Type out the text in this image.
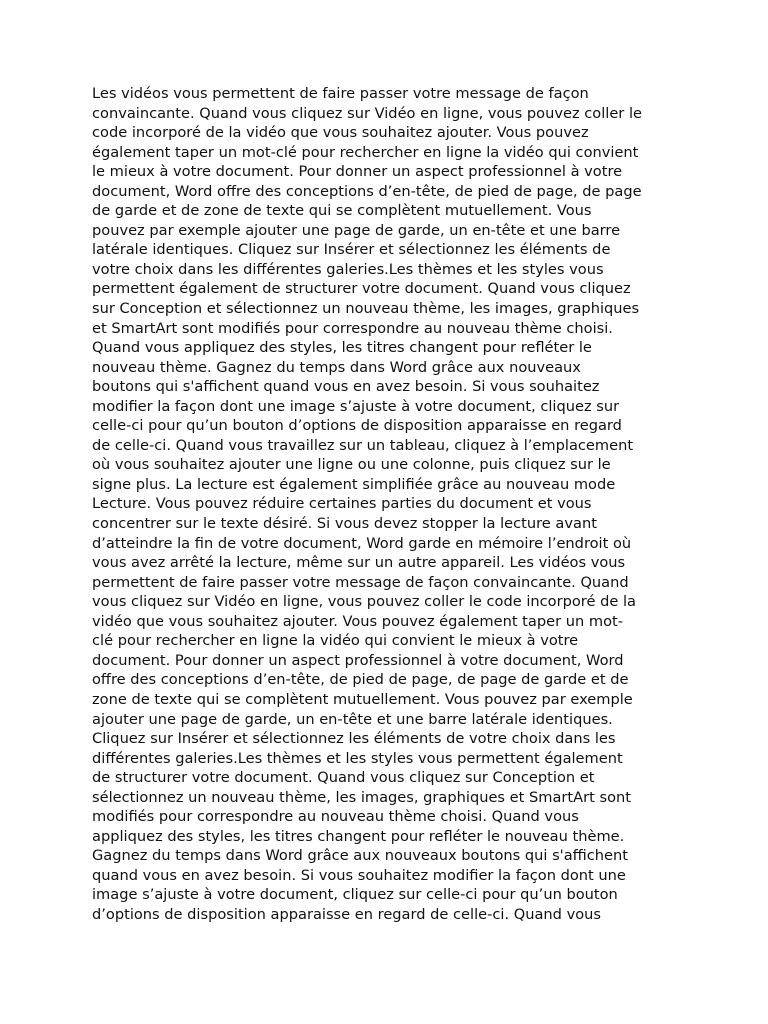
Les vidéos vous permettent de faire passer votre message de façon
convaincante. Quand vous cliquez sur Vidéo en ligne, vous pouvez coller le
code incorporé de la vidéo que vous souhaitez ajouter. Vous pouvez
également taper un mot-clé pour rechercher en ligne la vidéo qui convient
le mieux à votre document. Pour donner un aspect professionnel à votre
document, Word offre des conceptions d’en-tête, de pied de page, de page
de garde et de zone de texte qui se complètent mutuellement. Vous
pouvez par exemple ajouter une page de garde, un en-tête et une barre
latérale identiques. Cliquez sur Insérer et sélectionnez les éléments de
votre choix dans les différentes galeries.Les thèmes et les styles vous
permettent également de structurer votre document. Quand vous cliquez
sur Conception et sélectionnez un nouveau thème, les images, graphiques
et SmartArt sont modifiés pour correspondre au nouveau thème choisi.
Quand vous appliquez des styles, les titres changent pour refléter le
nouveau thème. Gagnez du temps dans Word grâce aux nouveaux
boutons qui s'affichent quand vous en avez besoin. Si vous souhaitez
modifier la façon dont une image s’ajuste à votre document, cliquez sur
celle-ci pour qu’un bouton d’options de disposition apparaisse en regard
de celle-ci. Quand vous travaillez sur un tableau, cliquez à l’emplacement
où vous souhaitez ajouter une ligne ou une colonne, puis cliquez sur le
signe plus. La lecture est également simplifiée grâce au nouveau mode
Lecture. Vous pouvez réduire certaines parties du document et vous
concentrer sur le texte désiré. Si vous devez stopper la lecture avant
d’atteindre la fin de votre document, Word garde en mémoire l’endroit où
vous avez arrêté la lecture, même sur un autre appareil. Les vidéos vous
permettent de faire passer votre message de façon convaincante. Quand
vous cliquez sur Vidéo en ligne, vous pouvez coller le code incorporé de la
vidéo que vous souhaitez ajouter. Vous pouvez également taper un mot-
clé pour rechercher en ligne la vidéo qui convient le mieux à votre
document. Pour donner un aspect professionnel à votre document, Word
offre des conceptions d’en-tête, de pied de page, de page de garde et de
zone de texte qui se complètent mutuellement. Vous pouvez par exemple
ajouter une page de garde, un en-tête et une barre latérale identiques.
Cliquez sur Insérer et sélectionnez les éléments de votre choix dans les
différentes galeries.Les thèmes et les styles vous permettent également
de structurer votre document. Quand vous cliquez sur Conception et
sélectionnez un nouveau thème, les images, graphiques et SmartArt sont
modifiés pour correspondre au nouveau thème choisi. Quand vous
appliquez des styles, les titres changent pour refléter le nouveau thème.
Gagnez du temps dans Word grâce aux nouveaux boutons qui s'affichent
quand vous en avez besoin. Si vous souhaitez modifier la façon dont une
image s’ajuste à votre document, cliquez sur celle-ci pour qu’un bouton
d’options de disposition apparaisse en regard de celle-ci. Quand vous
